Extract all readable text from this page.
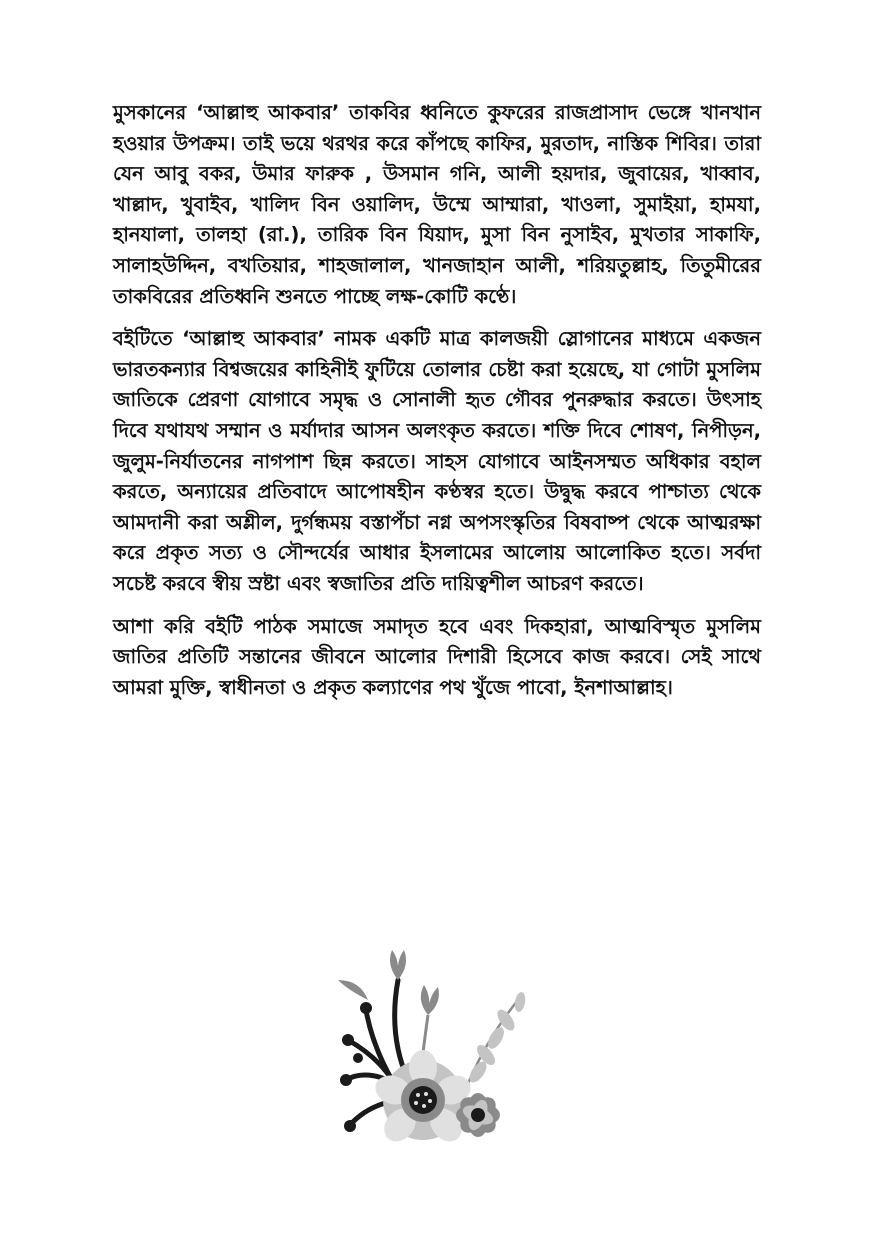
মুসকানের ‘আল্লাহু আকবার’ তাকবির ধ্বনিতে কুফরের রাজপ্রাসাদ ভেঙ্গে খানখান হওয়ার উপক্রম। তাই ভয়ে থরথর করে কাঁপছে কাফির, মুরতাদ, নাস্তিক শিবির। তারা যেন আবু বকর, উমার ফারুক , উসমান গনি, আলী হয়দার, জুবায়ের, খাব্বাব, খাল্লাদ, খুবাইব, খালিদ বিন ওয়ালিদ, উম্মে আম্মারা, খাওলা, সুমাইয়া, হামযা, হানযালা, তালহা (রা.), তারিক বিন যিয়াদ, মুসা বিন নুসাইব, মুখতার সাকাফি, সালাহউদ্দিন, বখতিয়ার, শাহজালাল, খানজাহান আলী, শরিয়তুল্লাহ, তিতুমীরের তাকবিরের প্রতিধ্বনি শুনতে পাচ্ছে লক্ষ-কোটি কণ্ঠে।

বইটিতে ‘আল্লাহু আকবার’ নামক একটি মাত্র কালজয়ী স্লোগানের মাধ্যমে একজন ভারতকন্যার বিশ্বজয়ের কাহিনীই ফুটিয়ে তোলার চেষ্টা করা হয়েছে, যা গোটা মুসলিম জাতিকে প্রেরণা যোগাবে সমৃদ্ধ ও সোনালী হৃত গৌবর পুনরুদ্ধার করতে। উৎসাহ দিবে যথাযথ সম্মান ও মর্যাদার আসন অলংকৃত করতে। শক্তি দিবে শোষণ, নিপীড়ন, জুলুম-নির্যাতনের নাগপাশ ছিন্ন করতে। সাহস যোগাবে আইনসম্মত অধিকার বহাল করতে, অন্যায়ের প্রতিবাদে আপোষহীন কণ্ঠস্বর হতে। উদ্বুদ্ধ করবে পাশ্চাত্য থেকে আমদানী করা অশ্লীল, দুর্গন্ধময় বস্তাপঁচা নগ্ন অপসংস্কৃতির বিষবাষ্প থেকে আত্মরক্ষা করে প্রকৃত সত্য ও সৌন্দর্যের আধার ইসলামের আলোয় আলোকিত হতে। সর্বদা সচেষ্ট করবে স্বীয় স্রষ্টা এবং স্বজাতির প্রতি দায়িত্বশীল আচরণ করতে।

আশা করি বইটি পাঠক সমাজে সমাদৃত হবে এবং দিকহারা, আত্মবিস্মৃত মুসলিম জাতির প্রতিটি সন্তানের জীবনে আলোর দিশারী হিসেবে কাজ করবে। সেই সাথে আমরা মুক্তি, স্বাধীনতা ও প্রকৃত কল্যাণের পথ খুঁজে পাবো, ইনশাআল্লাহ।
